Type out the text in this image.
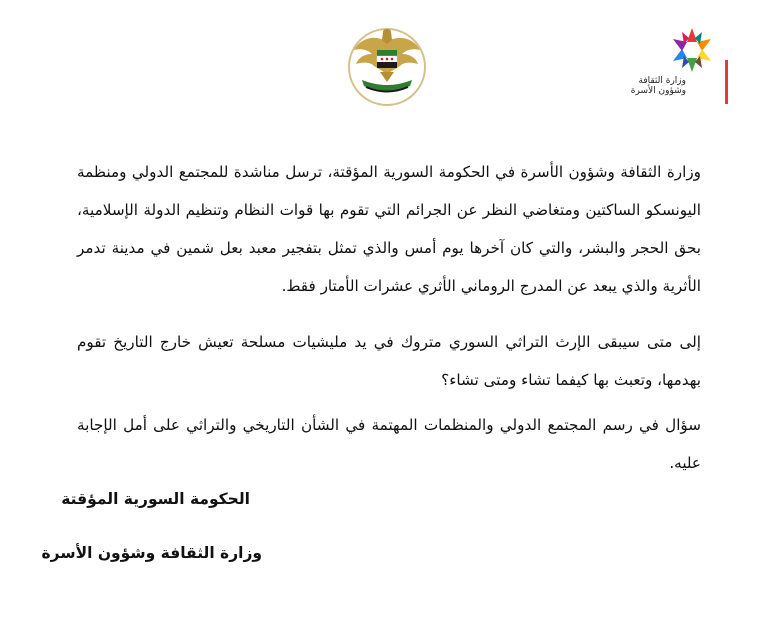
وزارة الثقافة
وشؤون الأسرة

وزارة الثقافة وشؤون الأسرة في الحكومة السورية المؤقتة، ترسل مناشدة للمجتمع الدولي ومنظمة اليونسكو الساكتين ومتغاضي النظر عن الجرائم التي تقوم بها قوات النظام وتنظيم الدولة الإسلامية، بحق الحجر والبشر، والتي كان آخرها يوم أمس والذي تمثل بتفجير معبد بعل شمين في مدينة تدمر الأثرية والذي يبعد عن المدرج الروماني الأثري عشرات الأمتار فقط.

إلى متى سيبقى الإرث التراثي السوري متروك في يد مليشيات مسلحة تعيش خارج التاريخ تقوم بهدمها، وتعبث بها كيفما تشاء ومتى تشاء؟

سؤال في رسم المجتمع الدولي والمنظمات المهتمة في الشأن التاريخي والتراثي على أمل الإجابة عليه.

الحكومة السورية المؤقتة
وزارة الثقافة وشؤون الأسرة
